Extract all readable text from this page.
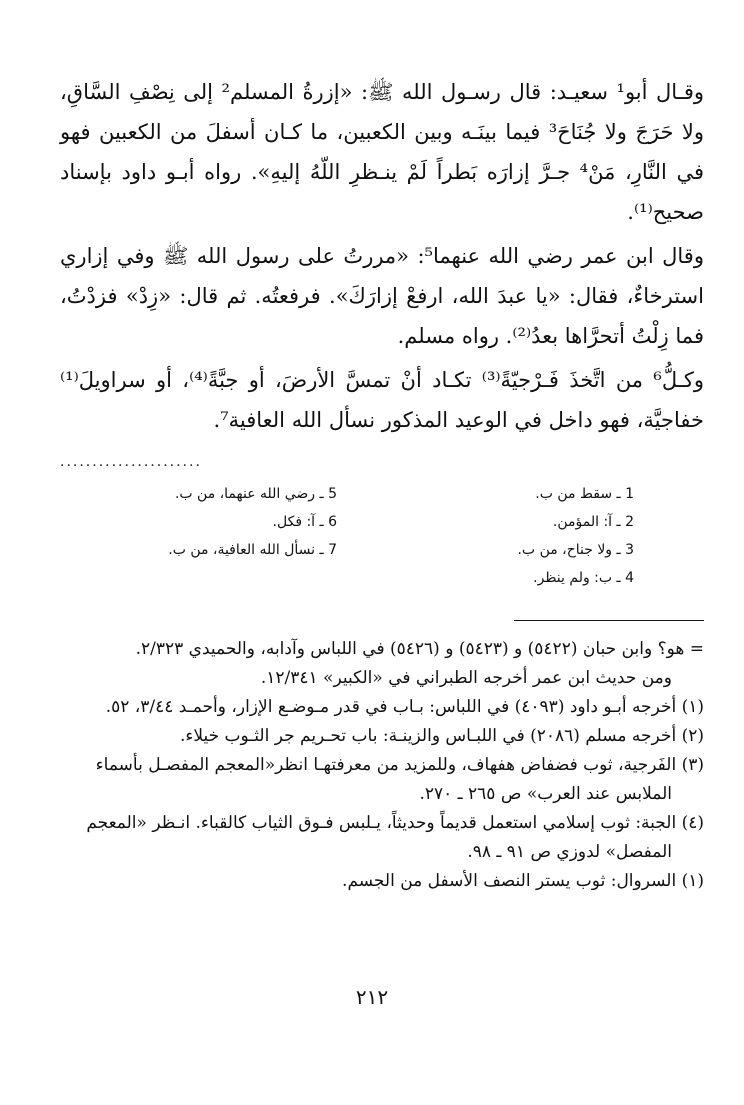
وقـال أبو¹ سعيـد: قال رسـول الله ﷺ: «إزرةُ المسلم² إلى نِصْفِ السَّاقِ، ولا حَرَجَ ولا جُنَاحَ³ فيما بينَـه وبين الكعبين، ما كـان أسفلَ من الكعبين فهو في النَّارِ، مَنْ⁴ جـرَّ إزارَه بَطراً لَمْ ينـظرِ اللّهُ إليهِ». رواه أبـو داود بإسناد صحيح⁽¹⁾.

وقال ابن عمر رضي الله عنهما⁵: «مررتُ على رسول الله ﷺ وفي إزاري استرخاءٌ، فقال: «يا عبدَ الله، ارفعْ إزارَكَ». فرفعتُه. ثم قال: «زِدْ» فزدْتُ، فما زِلْتُ أتحرَّاها بعدُ⁽²⁾. رواه مسلم.

وكـلُّ⁶ من اتَّخذَ فَـرْجيّةً⁽³⁾ تكـاد أنْ تمسَّ الأرضَ، أو جبَّةً⁽⁴⁾، أو سراويلَ⁽¹⁾ خفاجيَّة، فهو داخل في الوعيد المذكور نسأل الله العافية⁷.

......................
1 ـ سقط من ب.
2 ـ آ: المؤمن.
3 ـ ولا جناح، من ب.
4 ـ ب: ولم ينظر.
5 ـ رضي الله عنهما، من ب.
6 ـ آ: فكل.
7 ـ نسأل الله العافية، من ب.

= هو؟ وابن حبان (٥٤٢٢) و (٥٤٢٣) و (٥٤٢٦) في اللباس وآدابه، والحميدي ٢/٣٢٣.

ومن حديث ابن عمر أخرجه الطبراني في «الكبير» ١٢/٣٤١.

(١) أخرجه أبـو داود (٤٠٩٣) في اللباس: بـاب في قدر مـوضـع الإزار، وأحمـد ٣/٤٤، ٥٢.

(٢) أخرجه مسلم (٢٠٨٦) في اللبـاس والزينـة: باب تحـريم جر الثـوب خيلاء.

(٣) الفَرجية، ثوب فضفاض هفهاف، وللمزيد من معرفتهـا انظر«المعجم المفصـل بأسماء الملابس عند العرب» ص ٢٦٥ ـ ٢٧٠.

(٤) الجبة: ثوب إسلامي استعمل قديماً وحديثاً، يـلبس فـوق الثياب كالقباء. انـظر «المعجم المفصل» لدوزي ص ٩١ ـ ٩٨.

(١) السروال: ثوب يستر النصف الأسفل من الجسم.

٢١٢
